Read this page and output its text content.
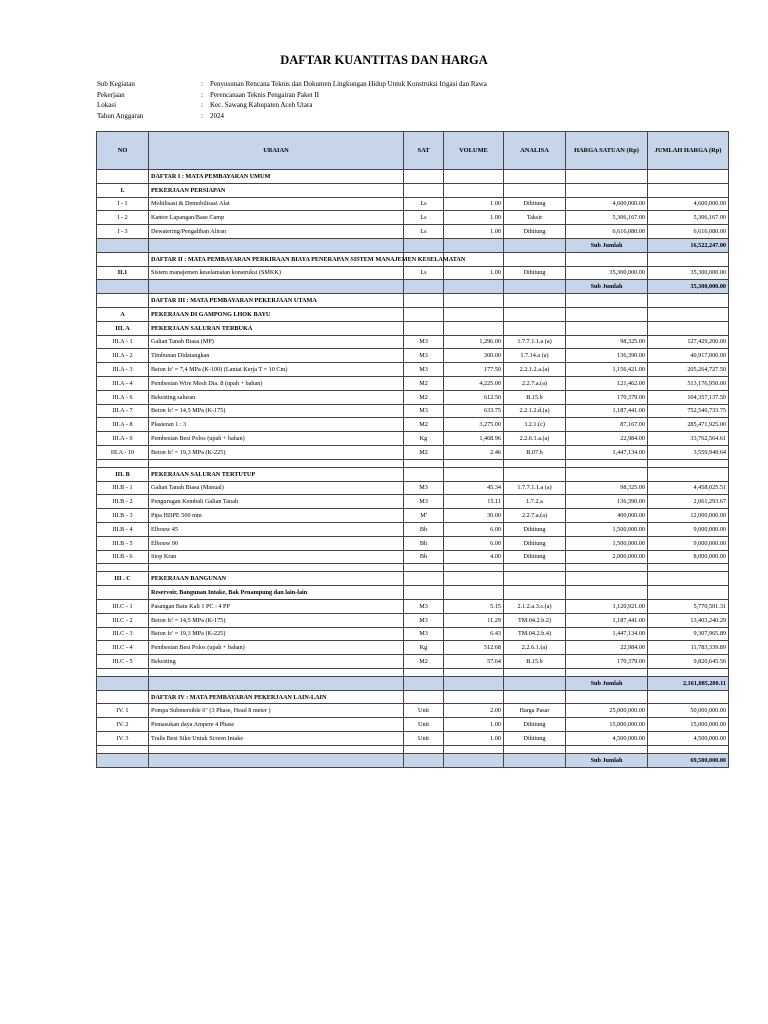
DAFTAR KUANTITAS DAN HARGA
Sub Kegiatan	:	Penyusunan Rencana Teknis dan Dokumen Lingkungan Hidup Untuk Konstruksi Irigasi dan Rawa
Pekerjaan	:	Perencanaan Teknis Pengairan Paket II
Lokasi	:	Kec. Sawang Kabupaten Aceh Utara
Tahun Anggaran	:	2024
NO	URAIAN	SAT	VOLUME	ANALISA	HARGA SATUAN (Rp)	JUMLAH HARGA (Rp)
	DAFTAR I : MATA PEMBAYARAN UMUM					
I.	PEKERJAAN PERSIAPAN					
I - 1	Mobilisasi & Demobilisasi Alat	Ls	1.00	Dihitung	4,600,000.00	4,600,000.00
I - 2	Kantor Lapangan/Base Camp	Ls	1.00	Taksir	5,306,167.00	5,306,167.00
I - 3	Dewatering/Pengalihan Aliran	Ls	1.00	Dihitung	6,616,080.00	6,616,080.00
					Sub Jumlah	16,522,247.00
	DAFTAR II : MATA PEMBAYARAN PERKIRAAN BIAYA PENERAPAN SISTEM MANAJEMEN KESELAMATAN					
II.1	Sistem manajemen keselamatan konstruksi (SMKK)	Ls	1.00	Dihitung	35,300,000.00	35,300,000.00
					Sub Jumlah	35,300,000.00
	DAFTAR III : MATA PEMBAYARAN PEKERJAAN UTAMA					
A	PEKERJAAN DI GAMPONG LHOK BAYU					
III. A	PEKERJAAN SALURAN TERBUKA					
III.A - 1	Galian Tanah Biasa (MP)	M3	1,296.00	1.7.7.1.1.a (a)	98,325.00	127,429,200.00
III.A - 2	Timbunan Didatangkan	M3	300.00	1.7.14.a (a)	136,390.00	40,917,000.00
III.A - 3	Beton fc' = 7,4 MPa (K-100) (Lantai Kerja T = 10 Cm)	M3	177.50	2.2.1.2.a.(a)	1,156,421.00	205,264,727.50
III.A - 4	Pembesian Wire Mesh Dia. 8 (upah + bahan)	M2	4,225.00	2.2.7.a.(a)	121,462.00	513,176,950.00
III.A - 6	Bekesting saluran	M2	612.50	B.15.b	170,379.00	104,357,137.50
III.A - 7	Beton fc' = 14,5 MPa (K-175)	M3	633.75	2.2.1.2.d.(a)	1,187,441.00	752,540,733.75
III.A - 8	Plasteran 1 : 3	M2	3,275.00	3.2.1.(c)	87,167.00	285,471,925.00
III.A - 9	Pembesian Besi Polos (upah + bahan)	Kg	1,468.96	2.2.6.1.a.(a)	22,984.00	33,762,564.61
III.A - 10	Beton fc' = 19,3 MPa (K-225)	M2	2.46	B.07.b	1,447,134.00	3,559,949.64

III. B	PEKERJAAN SALURAN TERTUTUP					
III.B - 1	Galian Tanah Biasa (Manual)	M3	45.34	1.7.7.1.1.a (a)	98,325.00	4,458,025.51
III.B - 2	Pengurugan Kembali Galian Tanah	M3	15.11	1.7.2.a	136,390.00	2,061,293.67
III.B - 3	Pipa HDPE 500 mm	M'	30.00	2.2.7.a.(a)	400,000.00	12,000,000.00
III.B - 4	Elbouw 45	Bh	6.00	Dihitung	1,500,000.00	9,000,000.00
III.B - 5	Elbouw 90	Bh	6.00	Dihitung	1,500,000.00	9,000,000.00
III.B - 6	Stop Kran	Bh	4.00	Dihitung	2,000,000.00	8,000,000.00

III . C	PEKERJAAN BANGUNAN					
	Reservoir, Bangunan Intake, Bak Penampung dan lain-lain					
III.C - 1	Pasangan Batu Kali 1 PC : 4 PP	M3	5.15	2.1.2.a.3.c.(a)	1,120,921.00	5,770,501.31
III.C - 2	Beton fc' = 14,5 MPa (K-175)	M3	11.29	TM.04.2.b.2)	1,187,441.00	13,403,240.29
III.C - 3	Beton fc' = 19,3 MPa (K-225)	M3	6.43	TM.04.2.b.4)	1,447,134.00	9,307,965.89
III.C - 4	Pembesian Besi Polos (upah + bahan)	Kg	512.68	2.2.6.1.(a)	22,984.00	11,783,339.89
III.C - 5	Bekesting	M2	57.64	B.15.b	170,379.00	9,820,645.56

					Sub Jumlah	2,161,085,200.11
	DAFTAR IV : MATA PEMBAYARAN PEKERJAAN LAIN-LAIN					
IV. 1	Pompa Submersible 6" (3 Phase, Head 8 meter )	Unit	2.00	Harga Pasar	25,000,000.00	50,000,000.00
IV. 2	Pemasukan daya Ampere 4 Phase	Unit	1.00	Dihitung	15,000,000.00	15,000,000.00
IV. 3	Tralis Besi Siku Untuk Screen Intake	Unit	1.00	Dihitung	4,500,000.00	4,500,000.00

					Sub Jumlah	69,500,000.00
